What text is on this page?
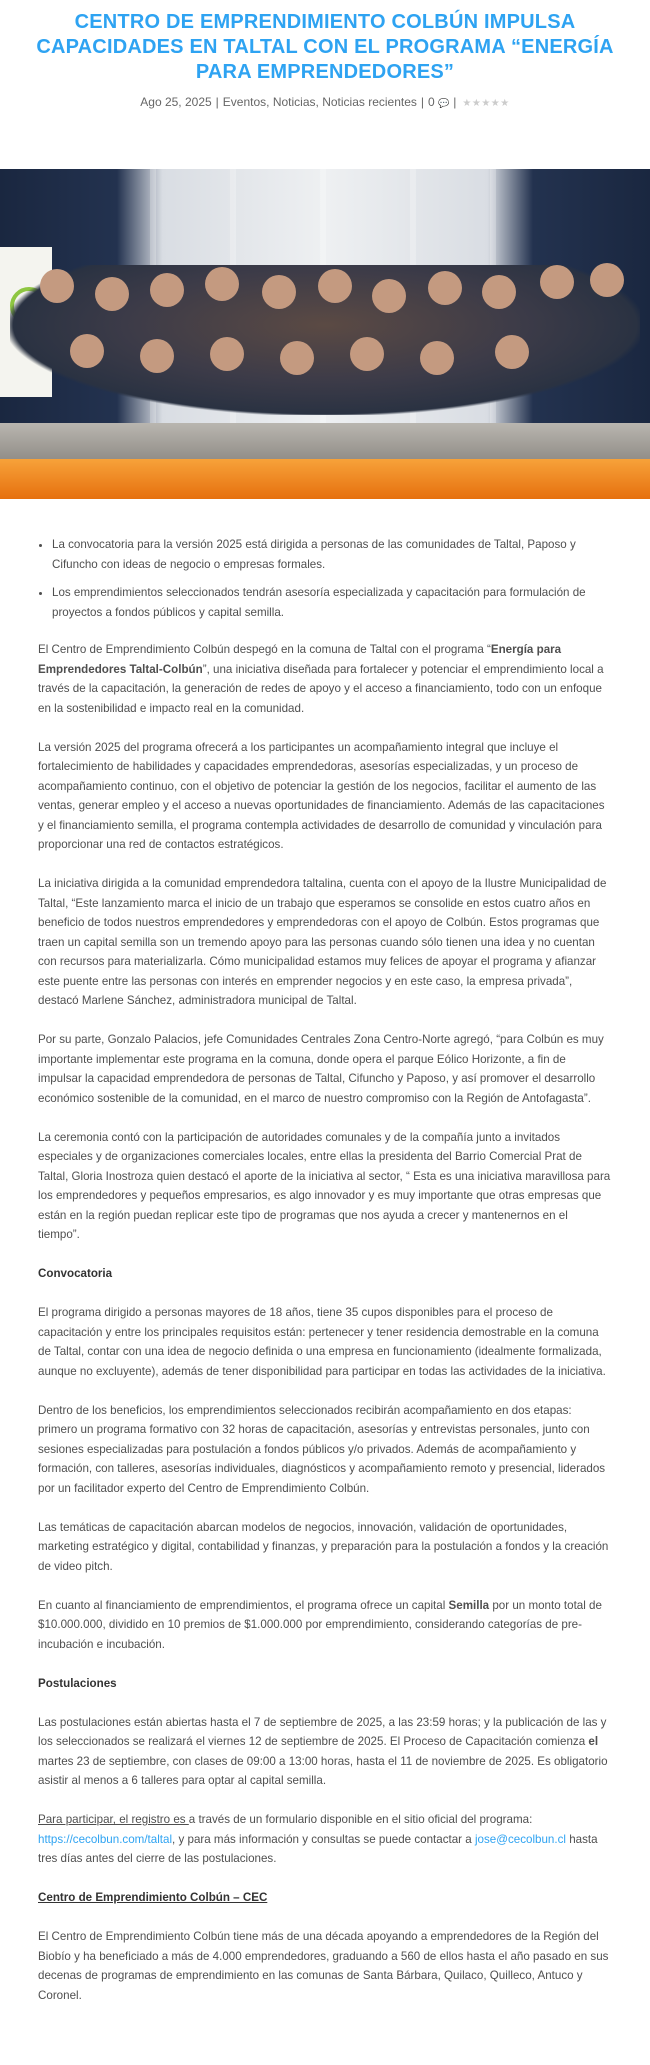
CENTRO DE EMPRENDIMIENTO COLBÚN IMPULSA CAPACIDADES EN TALTAL CON EL PROGRAMA “ENERGÍA PARA EMPRENDEDORES”
Ago 25, 2025 | Eventos, Noticias, Noticias recientes | 0 💬 | ★★★★★
• La convocatoria para la versión 2025 está dirigida a personas de las comunidades de Taltal, Paposo y Cifuncho con ideas de negocio o empresas formales.
• Los emprendimientos seleccionados tendrán asesoría especializada y capacitación para formulación de proyectos a fondos públicos y capital semilla.

El Centro de Emprendimiento Colbún despegó en la comuna de Taltal con el programa “Energía para Emprendedores Taltal-Colbún”, una iniciativa diseñada para fortalecer y potenciar el emprendimiento local a través de la capacitación, la generación de redes de apoyo y el acceso a financiamiento, todo con un enfoque en la sostenibilidad e impacto real en la comunidad.

La versión 2025 del programa ofrecerá a los participantes un acompañamiento integral que incluye el fortalecimiento de habilidades y capacidades emprendedoras, asesorías especializadas, y un proceso de acompañamiento continuo, con el objetivo de potenciar la gestión de los negocios, facilitar el aumento de las ventas, generar empleo y el acceso a nuevas oportunidades de financiamiento. Además de las capacitaciones y el financiamiento semilla, el programa contempla actividades de desarrollo de comunidad y vinculación para proporcionar una red de contactos estratégicos.

La iniciativa dirigida a la comunidad emprendedora taltalina, cuenta con el apoyo de la Ilustre Municipalidad de Taltal, “Este lanzamiento marca el inicio de un trabajo que esperamos se consolide en estos cuatro años en beneficio de todos nuestros emprendedores y emprendedoras con el apoyo de Colbún. Estos programas que traen un capital semilla son un tremendo apoyo para las personas cuando sólo tienen una idea y no cuentan con recursos para materializarla. Cómo municipalidad estamos muy felices de apoyar el programa y afianzar este puente entre las personas con interés en emprender negocios y en este caso, la empresa privada”, destacó Marlene Sánchez, administradora municipal de Taltal.

Por su parte, Gonzalo Palacios, jefe Comunidades Centrales Zona Centro-Norte agregó, “para Colbún es muy importante implementar este programa en la comuna, donde opera el parque Eólico Horizonte, a fin de impulsar la capacidad emprendedora de personas de Taltal, Cifuncho y Paposo, y así promover el desarrollo económico sostenible de la comunidad, en el marco de nuestro compromiso con la Región de Antofagasta”.

La ceremonia contó con la participación de autoridades comunales y de la compañía junto a invitados especiales y de organizaciones comerciales locales, entre ellas la presidenta del Barrio Comercial Prat de Taltal, Gloria Inostroza quien destacó el aporte de la iniciativa al sector, “ Esta es una iniciativa maravillosa para los emprendedores y pequeños empresarios, es algo innovador y es muy importante que otras empresas que están en la región puedan replicar este tipo de programas que nos ayuda a crecer y mantenernos en el tiempo”.

Convocatoria

El programa dirigido a personas mayores de 18 años, tiene 35 cupos disponibles para el proceso de capacitación y entre los principales requisitos están: pertenecer y tener residencia demostrable en la comuna de Taltal, contar con una idea de negocio definida o una empresa en funcionamiento (idealmente formalizada, aunque no excluyente), además de tener disponibilidad para participar en todas las actividades de la iniciativa.

Dentro de los beneficios, los emprendimientos seleccionados recibirán acompañamiento en dos etapas: primero un programa formativo con 32 horas de capacitación, asesorías y entrevistas personales, junto con sesiones especializadas para postulación a fondos públicos y/o privados. Además de acompañamiento y formación, con talleres, asesorías individuales, diagnósticos y acompañamiento remoto y presencial, liderados por un facilitador experto del Centro de Emprendimiento Colbún.

Las temáticas de capacitación abarcan modelos de negocios, innovación, validación de oportunidades, marketing estratégico y digital, contabilidad y finanzas, y preparación para la postulación a fondos y la creación de video pitch.

En cuanto al financiamiento de emprendimientos, el programa ofrece un capital Semilla por un monto total de $10.000.000, dividido en 10 premios de $1.000.000 por emprendimiento, considerando categorías de pre-incubación e incubación.

Postulaciones

Las postulaciones están abiertas hasta el 7 de septiembre de 2025, a las 23:59 horas; y la publicación de las y los seleccionados se realizará el viernes 12 de septiembre de 2025. El Proceso de Capacitación comienza el martes 23 de septiembre, con clases de 09:00 a 13:00 horas, hasta el 11 de noviembre de 2025. Es obligatorio asistir al menos a 6 talleres para optar al capital semilla.

Para participar, el registro es a través de un formulario disponible en el sitio oficial del programa: https://cecolbun.com/taltal, y para más información y consultas se puede contactar a jose@cecolbun.cl hasta tres días antes del cierre de las postulaciones.

Centro de Emprendimiento Colbún – CEC

El Centro de Emprendimiento Colbún tiene más de una década apoyando a emprendedores de la Región del Biobío y ha beneficiado a más de 4.000 emprendedores, graduando a 560 de ellos hasta el año pasado en sus decenas de programas de emprendimiento en las comunas de Santa Bárbara, Quilaco, Quilleco, Antuco y Coronel.
